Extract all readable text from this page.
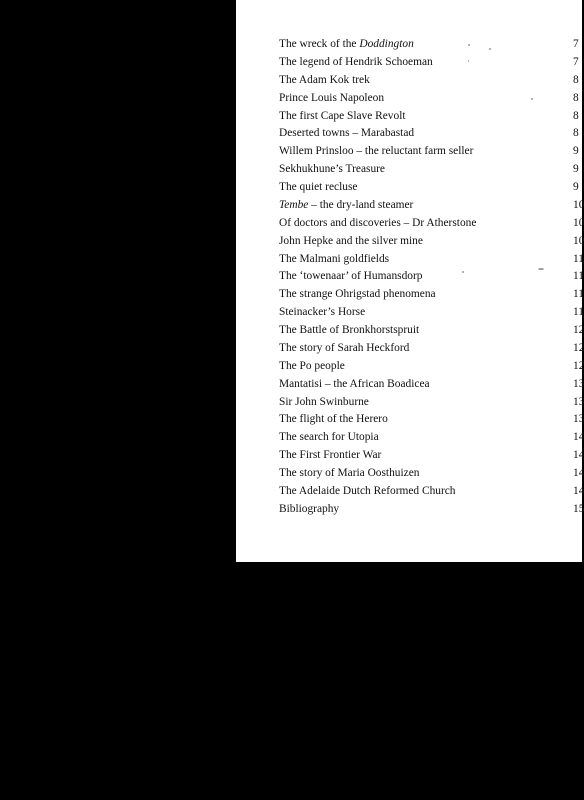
The wreck of the Doddington	7
The legend of Hendrik Schoeman	7
The Adam Kok trek	8
Prince Louis Napoleon	8
The first Cape Slave Revolt	8
Deserted towns – Marabastad	8
Willem Prinsloo – the reluctant farm seller	9
Sekhukhune’s Treasure	9
The quiet recluse	9
Tembe – the dry-land steamer	10
Of doctors and discoveries – Dr Atherstone	10
John Hepke and the silver mine	10
The Malmani goldfields	11
The ‘towenaar’ of Humansdorp	11
The strange Ohrigstad phenomena	11
Steinacker’s Horse	11
The Battle of Bronkhorstspruit	12
The story of Sarah Heckford	12
The Po people	12
Mantatisi – the African Boadicea	13
Sir John Swinburne	13
The flight of the Herero	13
The search for Utopia	14
The First Frontier War	14
The story of Maria Oosthuizen	14
The Adelaide Dutch Reformed Church	14
Bibliography	15
